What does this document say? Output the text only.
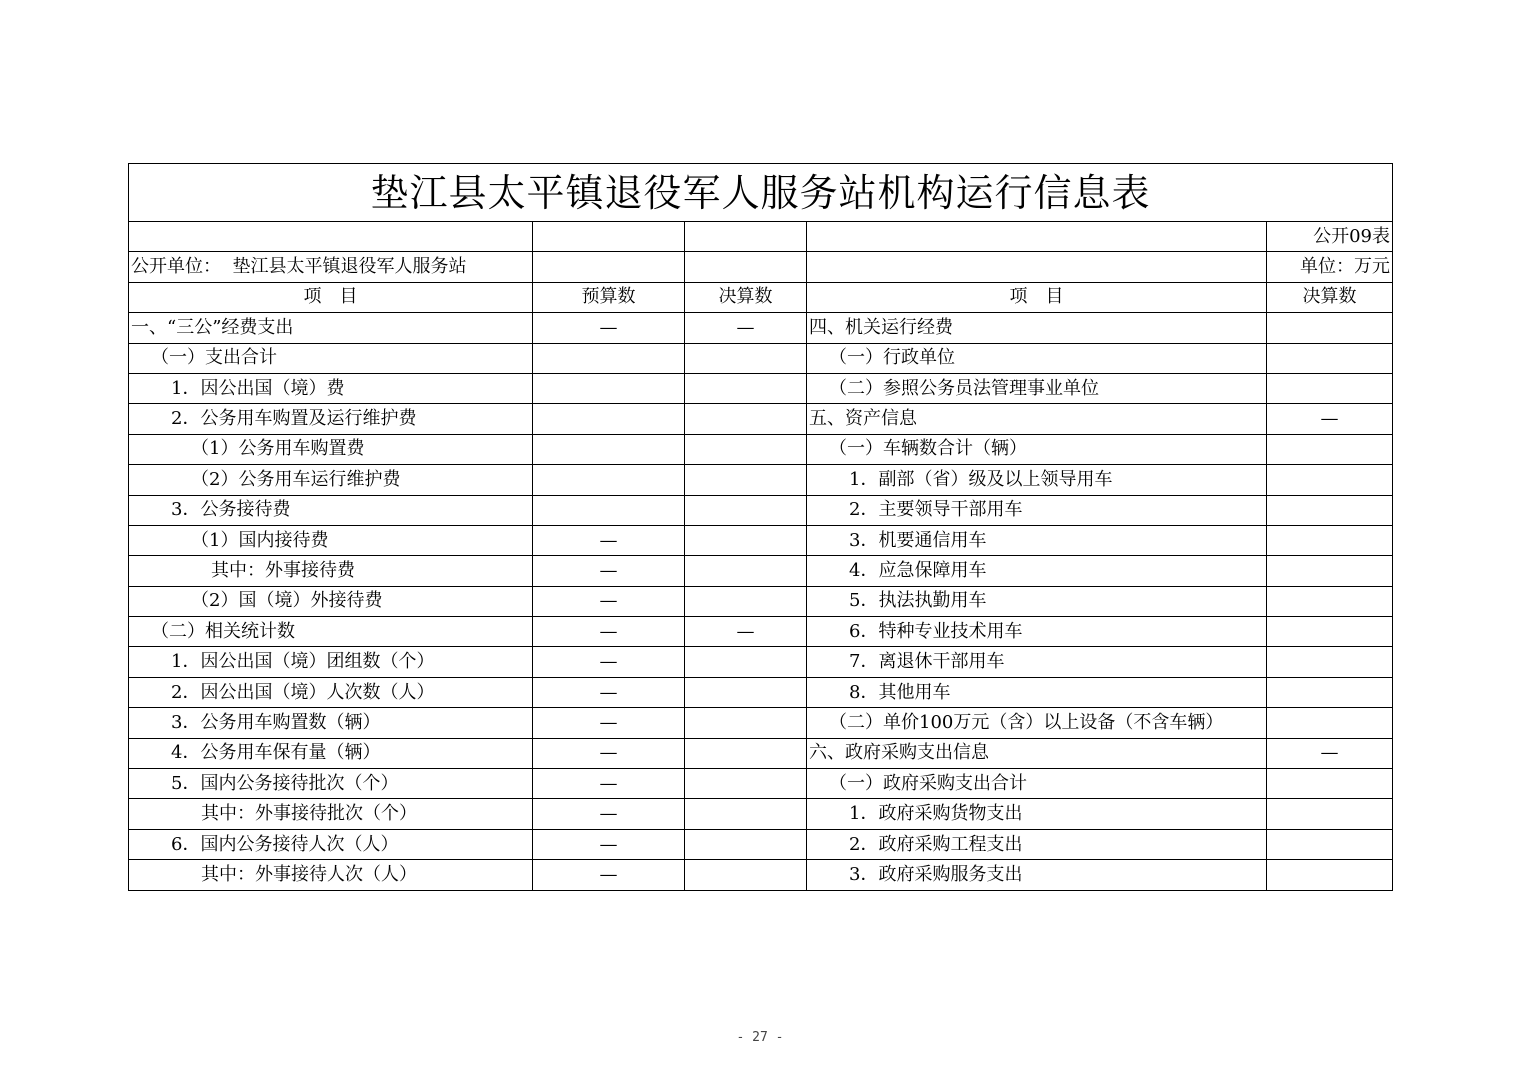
垫江县太平镇退役军人服务站机构运行信息表				
				公开09表
公开单位： 垫江县太平镇退役军人服务站				单位：万元
项　目	预算数	决算数	项　目	决算数
一、“三公”经费支出	—	—	四、机关运行经费	
（一）支出合计			（一）行政单位	
1．因公出国（境）费			（二）参照公务员法管理事业单位	
2．公务用车购置及运行维护费			五、资产信息	—
（1）公务用车购置费			（一）车辆数合计（辆）	
（2）公务用车运行维护费			1．副部（省）级及以上领导用车	
3．公务接待费			2．主要领导干部用车	
（1）国内接待费	—		3．机要通信用车	
其中：外事接待费	—		4．应急保障用车	
（2）国（境）外接待费	—		5．执法执勤用车	
（二）相关统计数	—	—	6．特种专业技术用车	
1．因公出国（境）团组数（个）	—		7．离退休干部用车	
2．因公出国（境）人次数（人）	—		8．其他用车	
3．公务用车购置数（辆）	—		（二）单价100万元（含）以上设备（不含车辆）	
4．公务用车保有量（辆）	—		六、政府采购支出信息	—
5．国内公务接待批次（个）	—		（一）政府采购支出合计	
其中：外事接待批次（个）	—		1．政府采购货物支出	
6．国内公务接待人次（人）	—		2．政府采购工程支出	
其中：外事接待人次（人）	—		3．政府采购服务支出	
- 27 -
